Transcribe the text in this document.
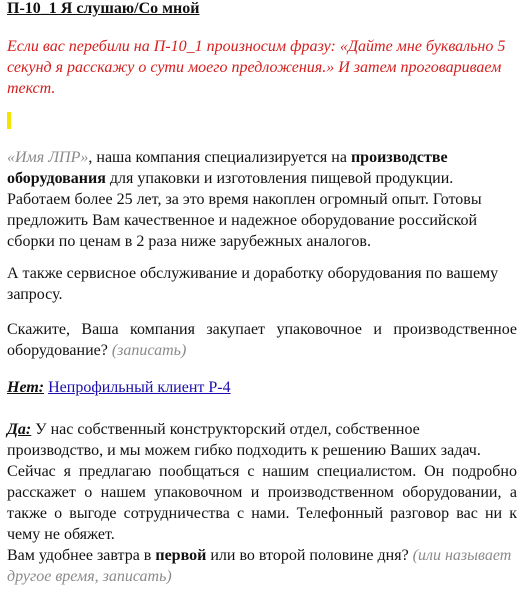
П-10_1 Я слушаю/Со мной
Если вас перебили на П-10_1 произносим фразу: «Дайте мне буквально 5 секунд я расскажу о сути моего предложения.» И затем проговариваем текст.

«Имя ЛПР», наша компания специализируется на производстве оборудования для упаковки и изготовления пищевой продукции. Работаем более 25 лет, за это время накоплен огромный опыт. Готовы предложить Вам качественное и надежное оборудование российской сборки по ценам в 2 раза ниже зарубежных аналогов.

А также сервисное обслуживание и доработку оборудования по вашему запросу.

Скажите, Ваша компания закупает упаковочное и производственное оборудование? (записать)

Нет: Непрофильный клиент Р-4
Да: У нас собственный конструкторский отдел, собственное производство, и мы можем гибко подходить к решению Ваших задач.
Сейчас я предлагаю пообщаться с нашим специалистом. Он подробно расскажет о нашем упаковочном и производственном оборудовании, а также о выгоде сотрудничества с нами. Телефонный разговор вас ни к чему не обяжет.
Вам удобнее завтра в первой или во второй половине дня? (или называет другое время, записать)
